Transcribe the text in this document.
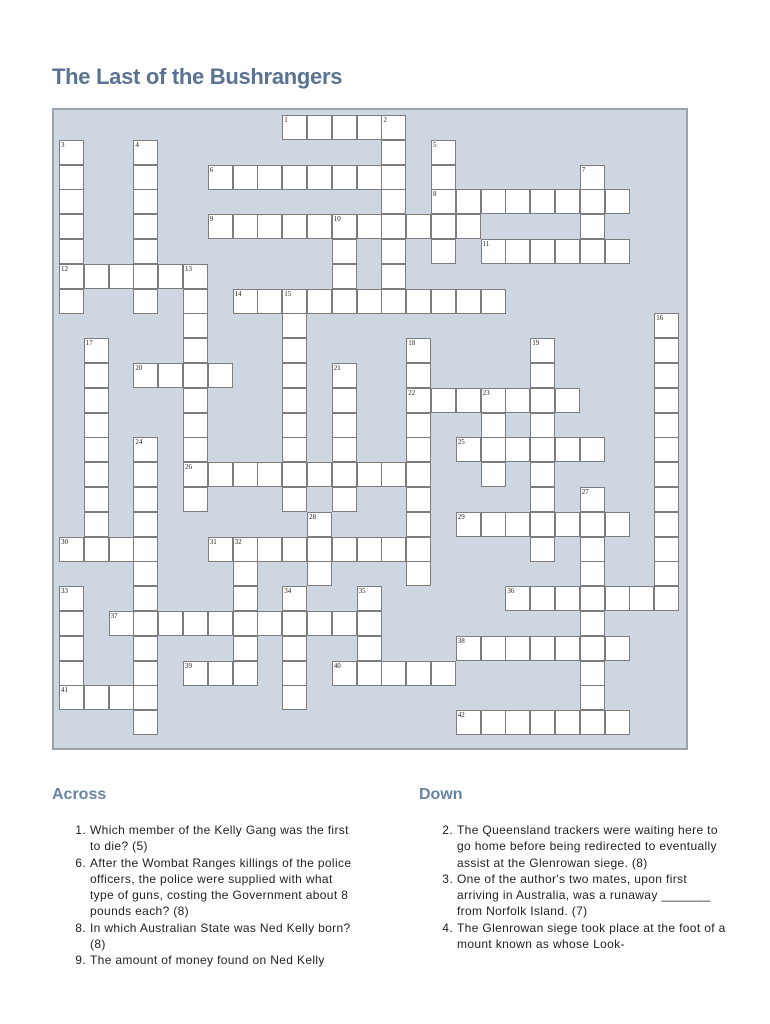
The Last of the Bushrangers
1	2
3
12
4	5
8
6	7
9	10
11
13
26
14	15
16
17	18
22
19
20	21
23
24	25
27
28	29
30	31	32
33	34	35	36
37
38
39	40
41
42
Across	Down
1 . Which member of the Kelly Gang was the first to die? (5)
6 . After the Wombat Ranges killings of the police officers, the police were supplied with what type of guns, costing the Government about 8 pounds each? (8)
8 . In which Australian State was Ned Kelly born? (8)
9 . The amount of money found on Ned Kelly
2 . The Queensland trackers were waiting here to go home before being redirected to eventually assist at the Glenrowan siege. (8)
3 . One of the author's two mates, upon first arriving in Australia, was a runaway _______ from Norfolk Island. (7)
4 . The Glenrowan siege took place at the foot of a mount known as whose Look-
